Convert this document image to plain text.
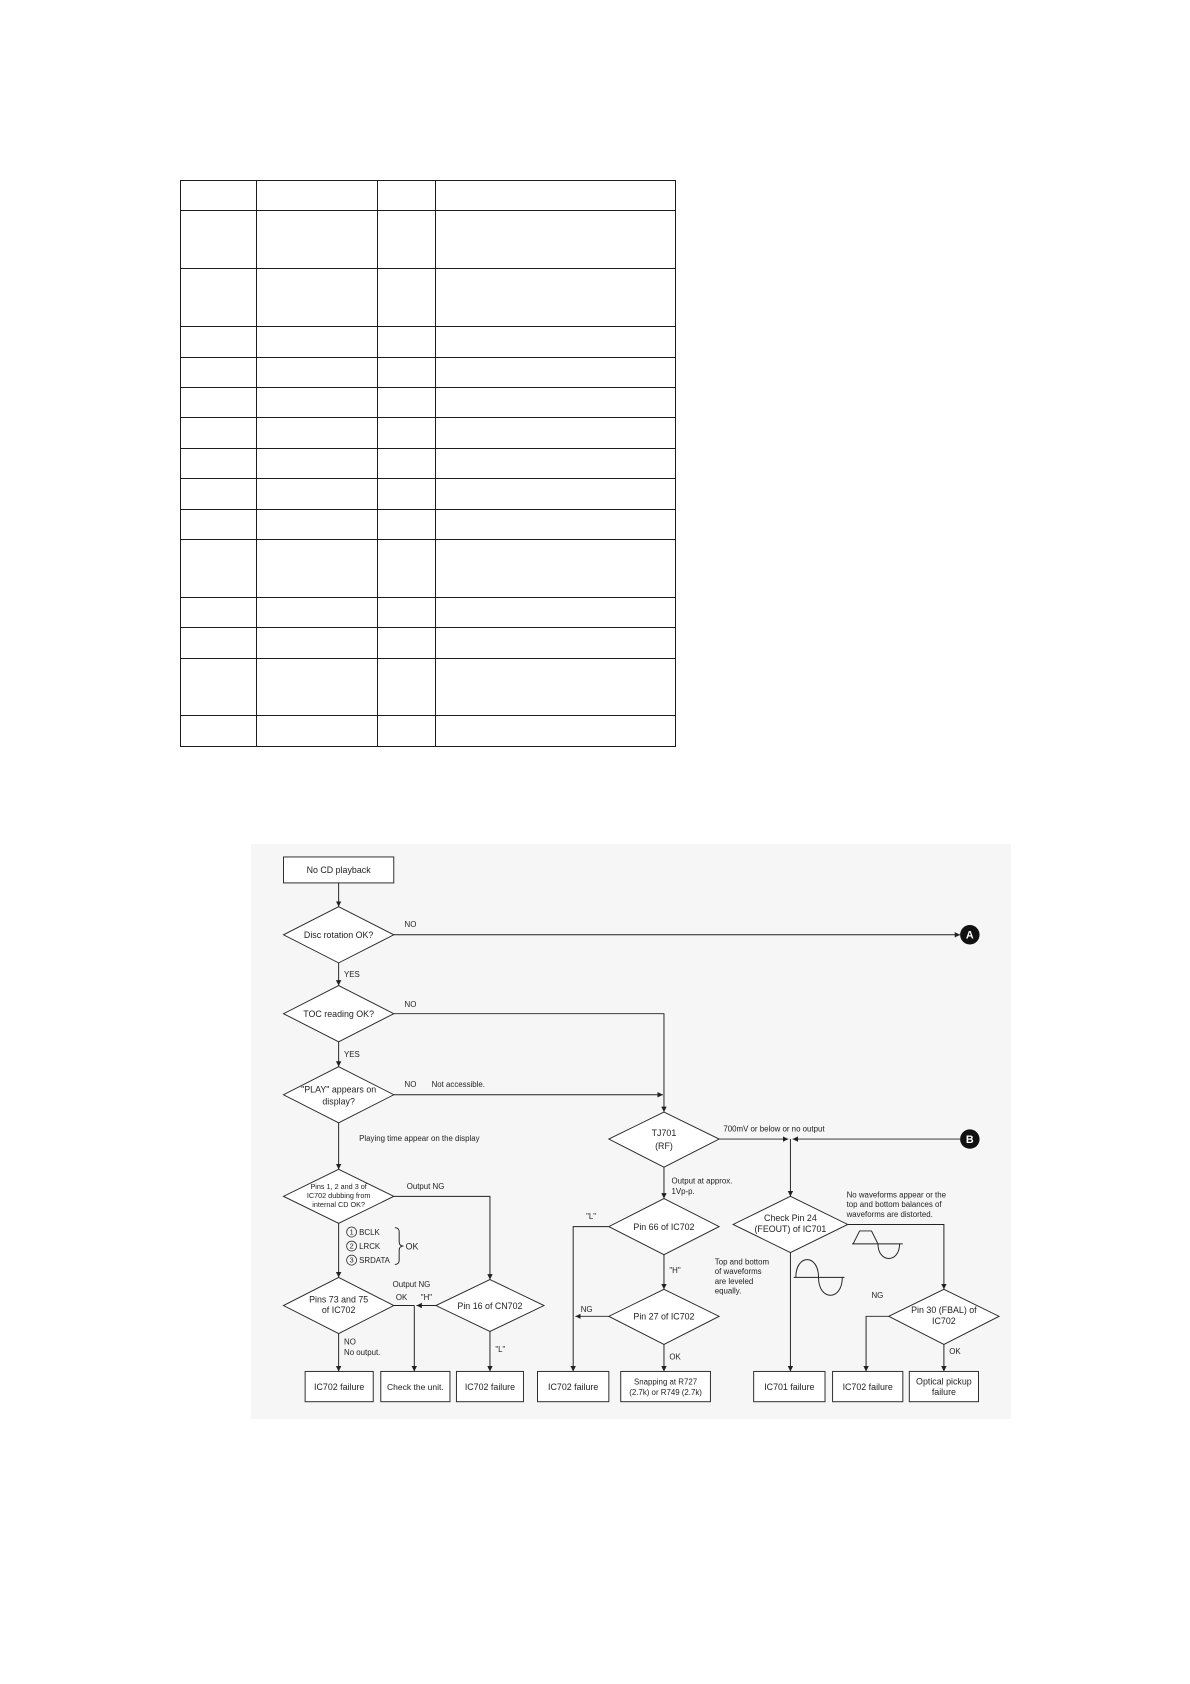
No CD playback
Disc rotation OK?
NO
A
YES
TOC reading OK?
NO
YES
"PLAY" appears on
display?
NO Not accessible.
Playing time appear on the display
Pins 1, 2 and 3 of
IC702 dubbing from
internal CD OK?
Output NG
1 BCLK
2 LRCK
3 SRDATA
OK
Pins 73 and 75
of IC702
Output NG
OK
NO
No output.
Pin 16 of CN702
"H"
"L"
TJ701
(RF)
700mV or below or no output
B
Output at approx.
1Vp-p.
Pin 66 of IC702
"L"
"H"
Pin 27 of IC702
NG
OK
Check Pin 24
(FEOUT) of IC701
Top and bottom
of waveforms
are leveled
equally.
No waveforms appear or the
top and bottom balances of
waveforms are distorted.
Pin 30 (FBAL) of
IC702
NG
OK
IC702 failure	Check the unit.	IC702 failure	IC702 failure	Snapping at R727
(2.7k) or R749 (2.7k)
IC701 failure	IC702 failure
Optical pickup
failure
